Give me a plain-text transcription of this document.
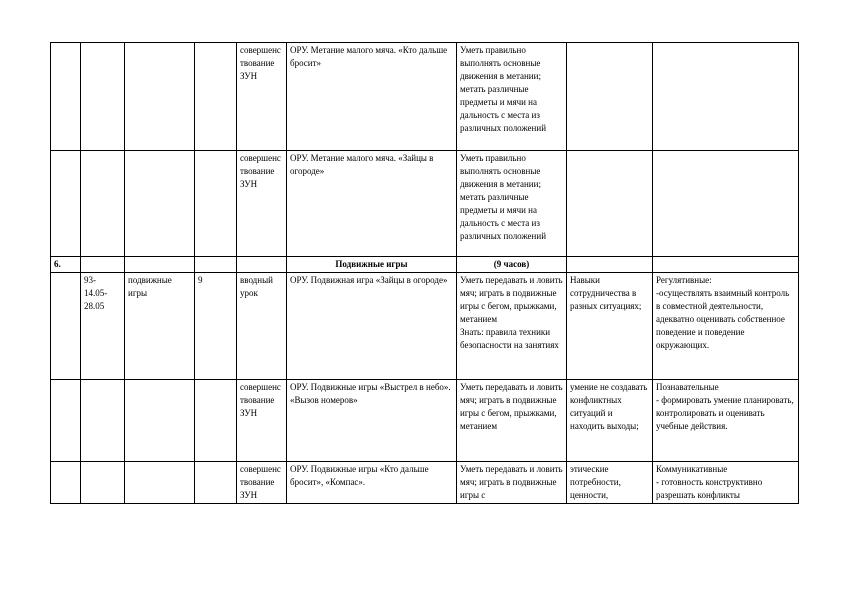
				совершенствование ЗУН	ОРУ. Метание малого мяча. «Кто дальше бросит»	Уметь правильно выполнять основные движения в метании; метать различные предметы и мячи на дальность с места из различных положений		

				совершенствование ЗУН	ОРУ. Метание малого мяча. «Зайцы в огороде»	Уметь правильно выполнять основные движения в метании; метать различные предметы и мячи на дальность с места из различных положений		

6.					Подвижные игры	(9 часов)		

	93- 14.05- 28.05	подвижные игры	9	вводный урок	ОРУ. Подвижная игра «Зайцы в огороде»	Уметь передавать и ловить мяч; играть в подвижные игры с бегом, прыжками, метанием
Знать: правила техники безопасности на занятиях	Навыки сотрудничества в разных ситуациях;	Регулятивные:
-осуществлять взаимный контроль в совместной деятельности, адекватно оценивать собственное поведение и поведение окружающих.

				совершенствование ЗУН	ОРУ. Подвижные игры «Выстрел в небо». «Вызов номеров»	Уметь передавать и ловить мяч; играть в подвижные игры с бегом, прыжками, метанием	умение не создавать конфликтных ситуаций и находить выходы;	Познавательные
- формировать умение планировать, контролировать и оценивать учебные действия.

				совершенствование ЗУН	ОРУ. Подвижные игры «Кто дальше бросит», «Компас».	Уметь передавать и ловить мяч; играть в подвижные игры с	этические потребности, ценности,	Коммуникативные
- готовность конструктивно разрешать конфликты
